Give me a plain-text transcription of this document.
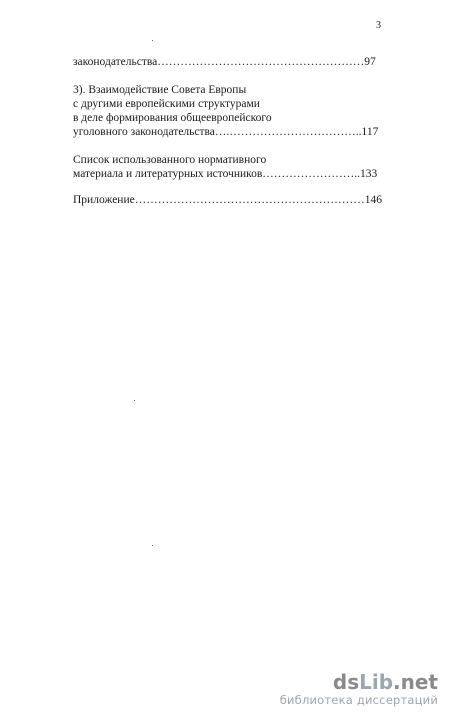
3
законодательства………………………………………………97
3). Взаимодействие Совета Европы
с другими европейскими структурами
в деле формирования общеевропейского
уголовного законодательства….……………………………..117
Список использованного нормативного
материала и литературных источников……………………..133
Приложение……………………………………………………146
dsLib.net
библиотека диссертаций
